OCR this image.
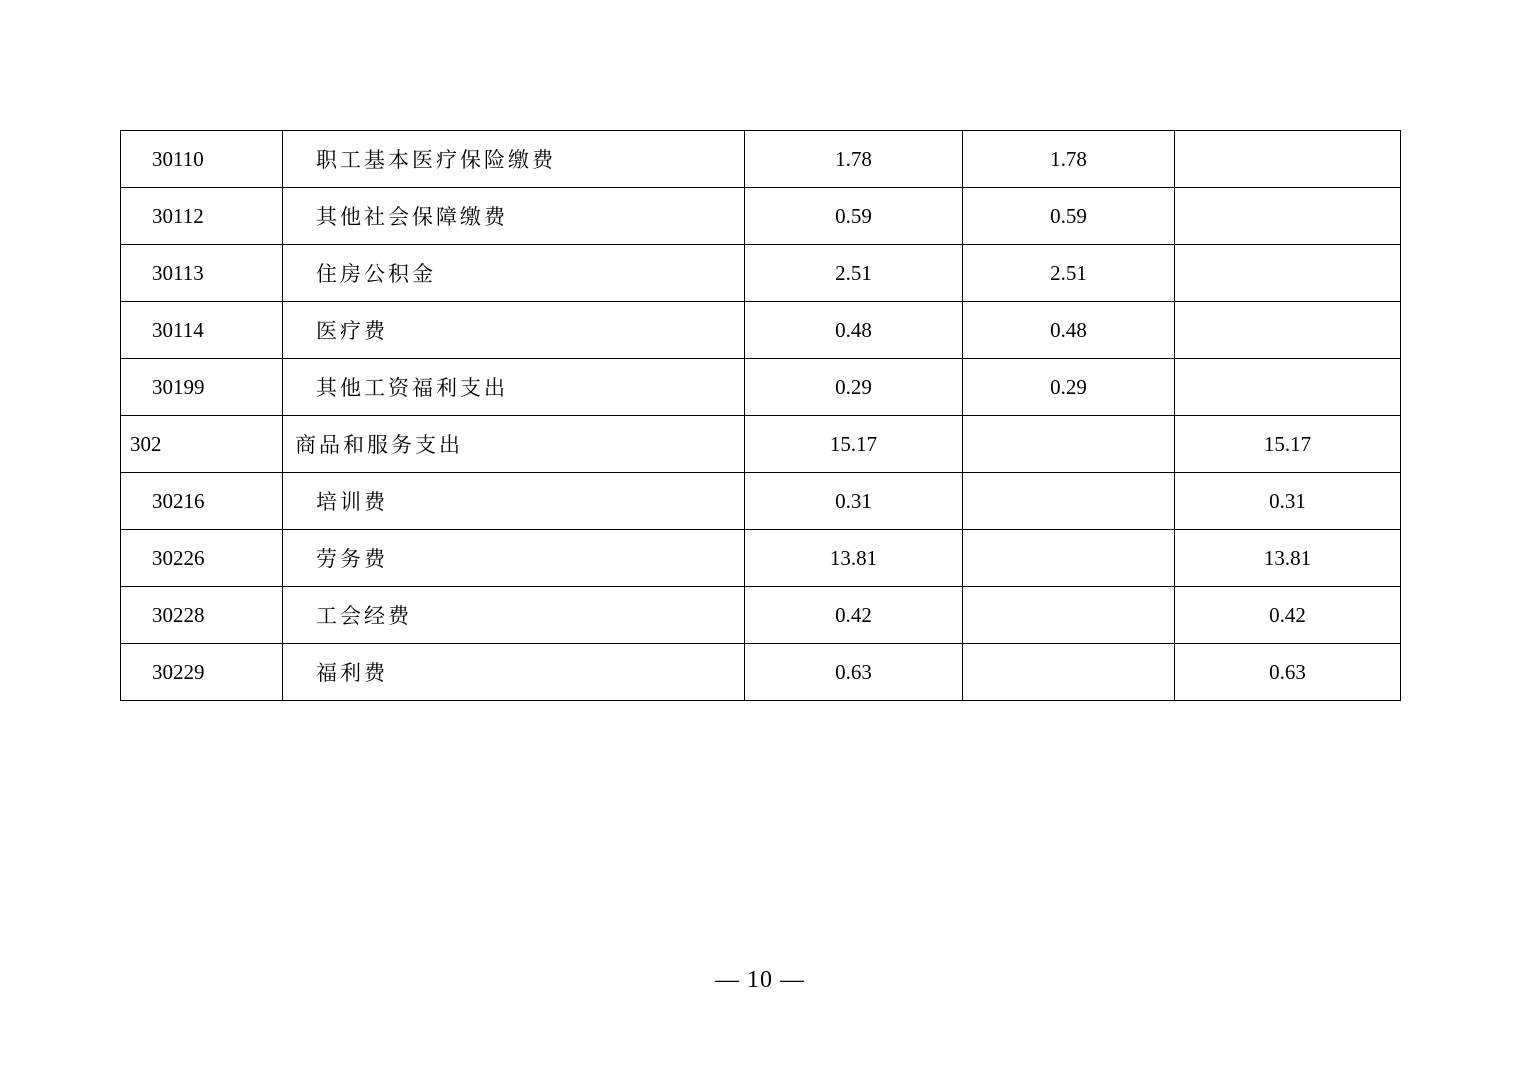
30110	职工基本医疗保险缴费	1.78	1.78	
30112	其他社会保障缴费	0.59	0.59	
30113	住房公积金	2.51	2.51	
30114	医疗费	0.48	0.48	
30199	其他工资福利支出	0.29	0.29	
302	商品和服务支出	15.17		15.17
30216	培训费	0.31		0.31
30226	劳务费	13.81		13.81
30228	工会经费	0.42		0.42
30229	福利费	0.63		0.63
— 10 —
